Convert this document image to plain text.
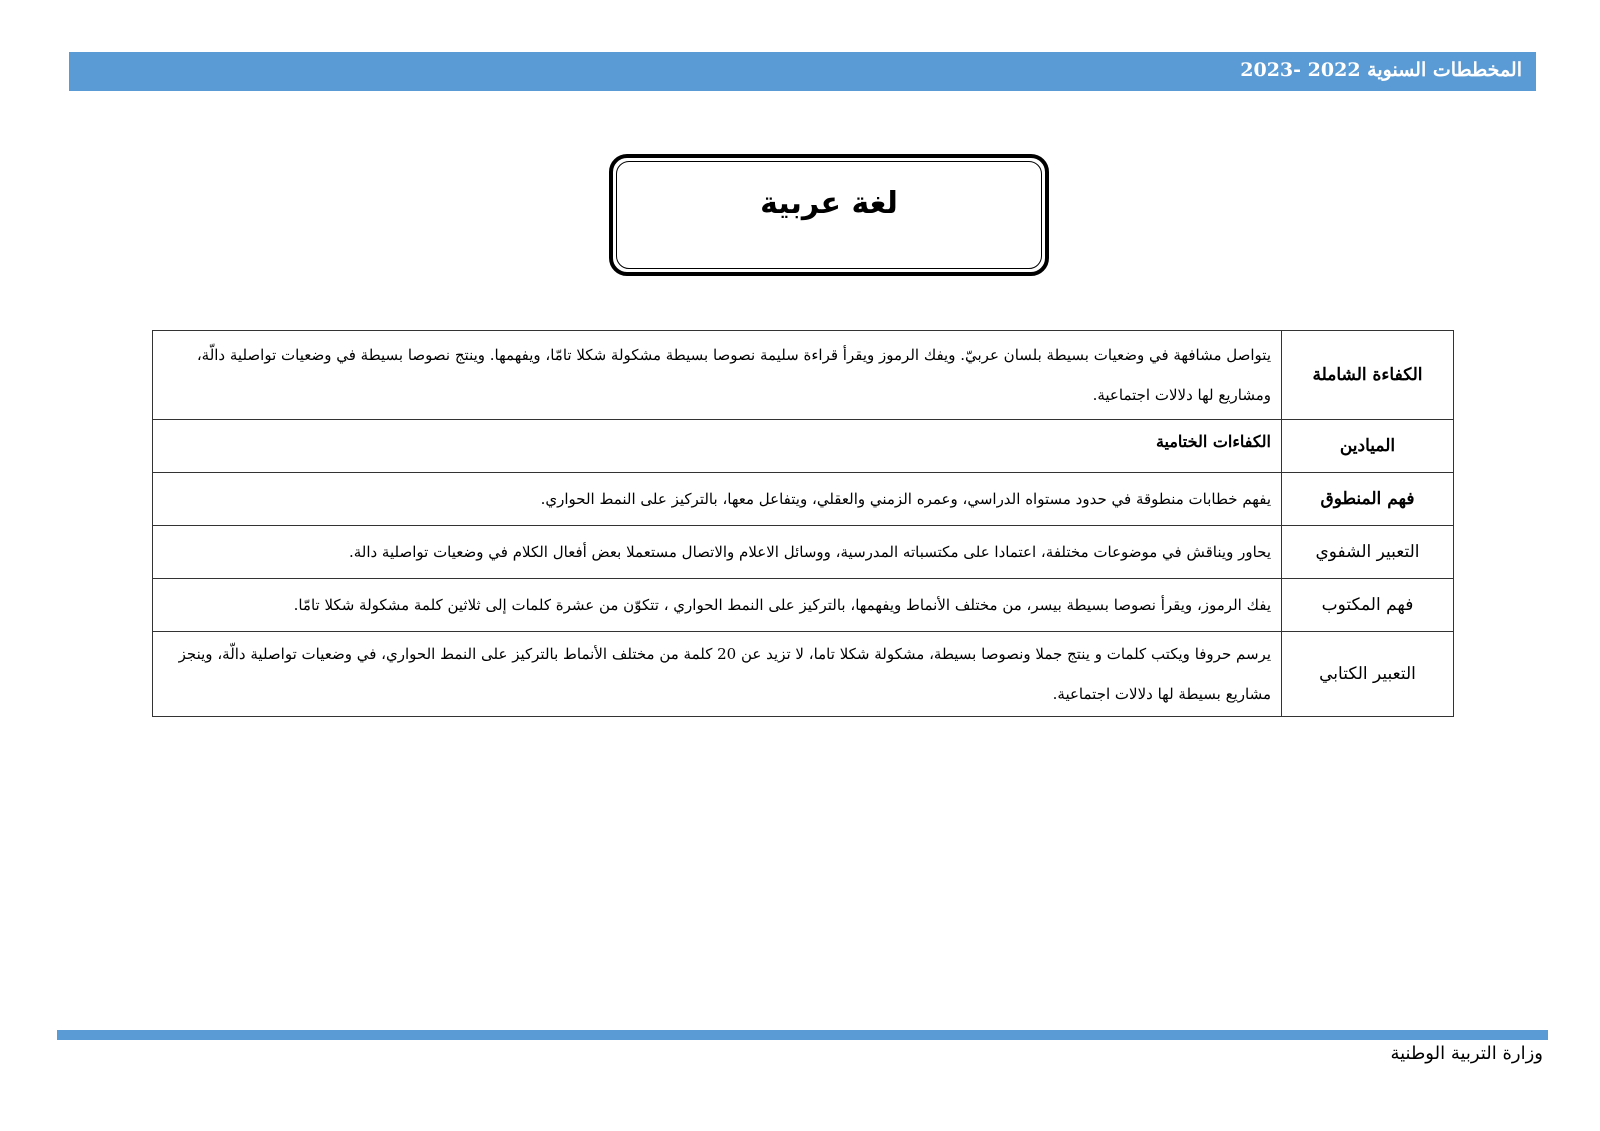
المخططات السنوية 2022 -2023
لغة عربية
الكفاءة الشاملة	يتواصل مشافهة في وضعيات بسيطة بلسان عربيّ. ويفك الرموز ويقرأ قراءة سليمة نصوصا بسيطة مشكولة شكلا تامّا، ويفهمها. وينتج نصوصا بسيطة في وضعيات تواصلية دالّة، ومشاريع لها دلالات اجتماعية.
الميادين	الكفاءات الختامية
فهم المنطوق	يفهم خطابات منطوقة في حدود مستواه الدراسي، وعمره الزمني والعقلي، ويتفاعل معها، بالتركيز على النمط الحواري.
التعبير الشفوي	يحاور ويناقش في موضوعات مختلفة، اعتمادا على مكتسباته المدرسية، ووسائل الاعلام والاتصال مستعملا بعض أفعال الكلام في وضعيات تواصلية دالة.
فهم المكتوب	يفك الرموز، ويقرأ نصوصا بسيطة بيسر، من مختلف الأنماط ويفهمها، بالتركيز على النمط الحواري ، تتكوّن من عشرة كلمات إلى ثلاثين كلمة مشكولة شكلا تامّا.
التعبير الكتابي	يرسم حروفا ويكتب كلمات و ينتج جملا ونصوصا بسيطة، مشكولة شكلا تاما، لا تزيد عن 20 كلمة من مختلف الأنماط بالتركيز على النمط الحواري، في وضعيات تواصلية دالّة، وينجز مشاريع بسيطة لها دلالات اجتماعية.
وزارة التربية الوطنية
